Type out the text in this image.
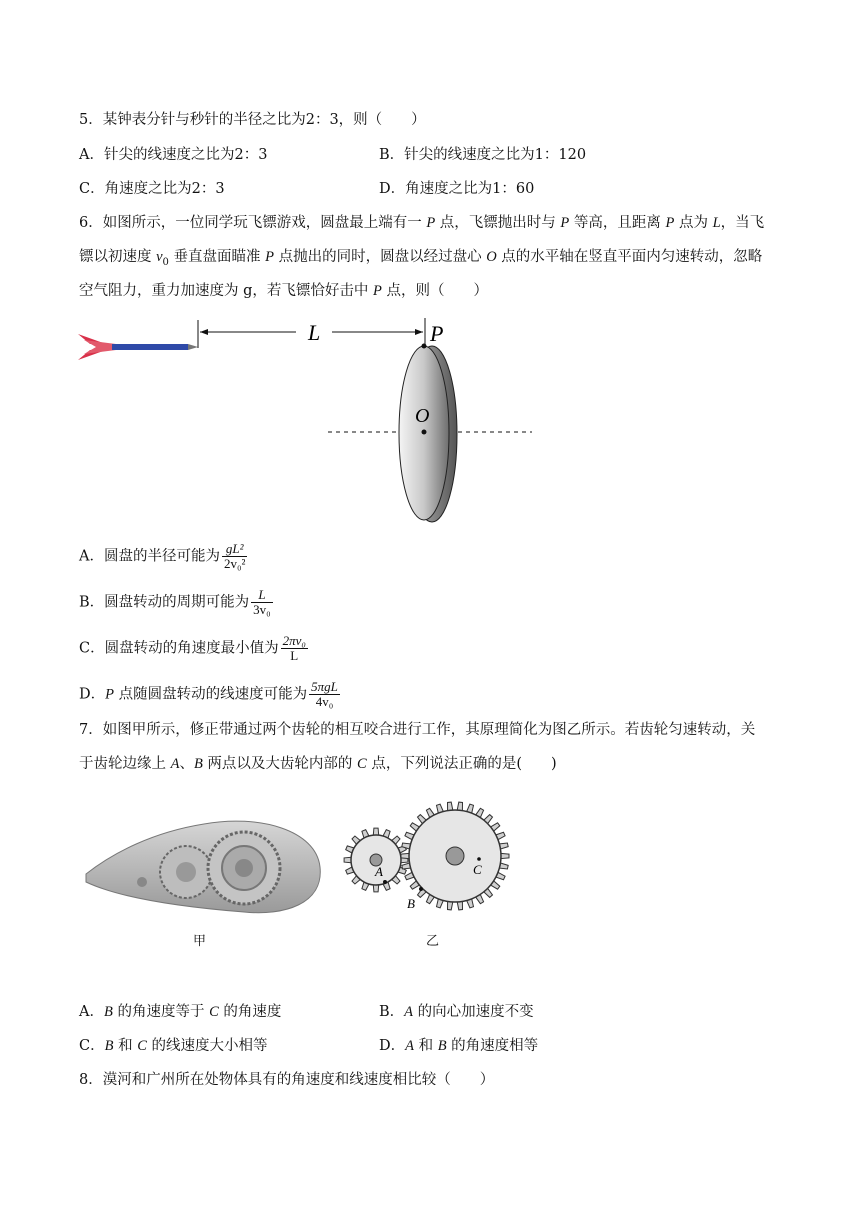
5．某钟表分针与秒针的半径之比为2：3，则（　　）
A．针尖的线速度之比为2：3	B．针尖的线速度之比为1：120
C．角速度之比为2：3	D．角速度之比为1：60
6．如图所示，一位同学玩飞镖游戏，圆盘最上端有一 P 点，飞镖抛出时与 P 等高，且距离 P 点为 L，当飞
镖以初速度 $v_0$ 垂直盘面瞄准 P 点抛出的同时，圆盘以经过盘心 O 点的水平轴在竖直平面内匀速转动，忽略
空气阻力，重力加速度为 g，若飞镖恰好击中 P 点，则（　　）
L	P
O
A．圆盘的半径可能为 $\frac{\text{gL²}}{\text{2v₀²}}$
B．圆盘转动的周期可能为 $\frac{L}{\text{3v₀}}$
C．圆盘转动的角速度最小值为 $\frac{\text{2πv₀}}{L}$
D．P 点随圆盘转动的线速度可能为 $\frac{\text{5πgL}}{\text{4v₀}}$
7．如图甲所示，修正带通过两个齿轮的相互咬合进行工作，其原理简化为图乙所示。若齿轮匀速转动，关
于齿轮边缘上 A、B 两点以及大齿轮内部的 C 点，下列说法正确的是(　　)
甲
A
B
C
乙
A．B 的角速度等于 C 的角速度	B．A 的向心加速度不变
C．B 和 C 的线速度大小相等	D．A 和 B 的角速度相等
8．漠河和广州所在处物体具有的角速度和线速度相比较（　　）
